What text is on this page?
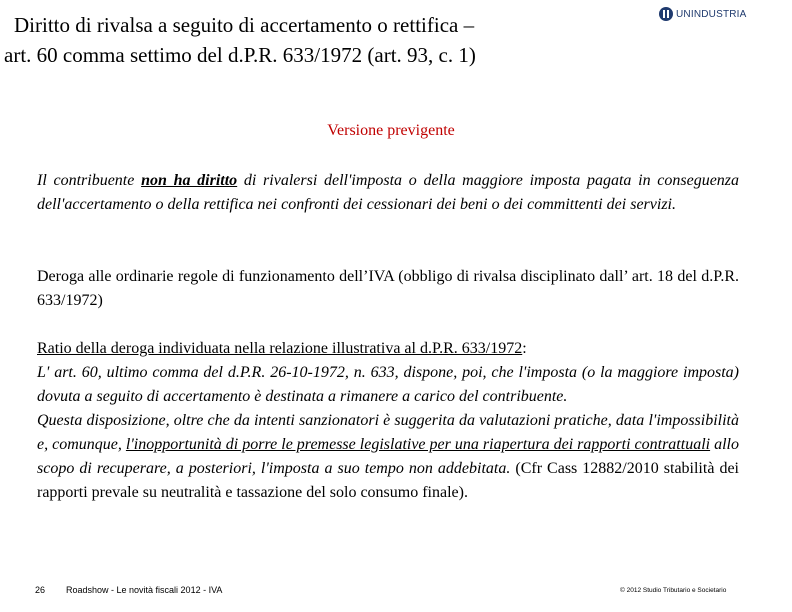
Diritto di rivalsa a seguito di accertamento o rettifica –
art. 60 comma settimo del d.P.R. 633/1972 (art. 93, c. 1)
UNINDUSTRIA
Versione previgente
Il contribuente non ha diritto di rivalersi dell'imposta o della maggiore imposta pagata in conseguenza dell'accertamento o della rettifica nei confronti dei cessionari dei beni o dei committenti dei servizi.
Deroga alle ordinarie regole di funzionamento dell’IVA (obbligo di rivalsa disciplinato dall’ art. 18 del d.P.R. 633/1972)
Ratio della deroga individuata nella relazione illustrativa al d.P.R. 633/1972:
L' art. 60, ultimo comma del d.P.R. 26-10-1972, n. 633, dispone, poi, che l'imposta (o la maggiore imposta) dovuta a seguito di accertamento è destinata a rimanere a carico del contribuente.
Questa disposizione, oltre che da intenti sanzionatori è suggerita da valutazioni pratiche, data l'impossibilità e, comunque, l'inopportunità di porre le premesse legislative per una riapertura dei rapporti contrattuali allo scopo di recuperare, a posteriori, l'imposta a suo tempo non addebitata. (Cfr Cass 12882/2010 stabilità dei rapporti prevale su neutralità e tassazione del solo consumo finale).
26 Roadshow - Le novità fiscali 2012 - IVA	© 2012 Studio Tributario e Societario
